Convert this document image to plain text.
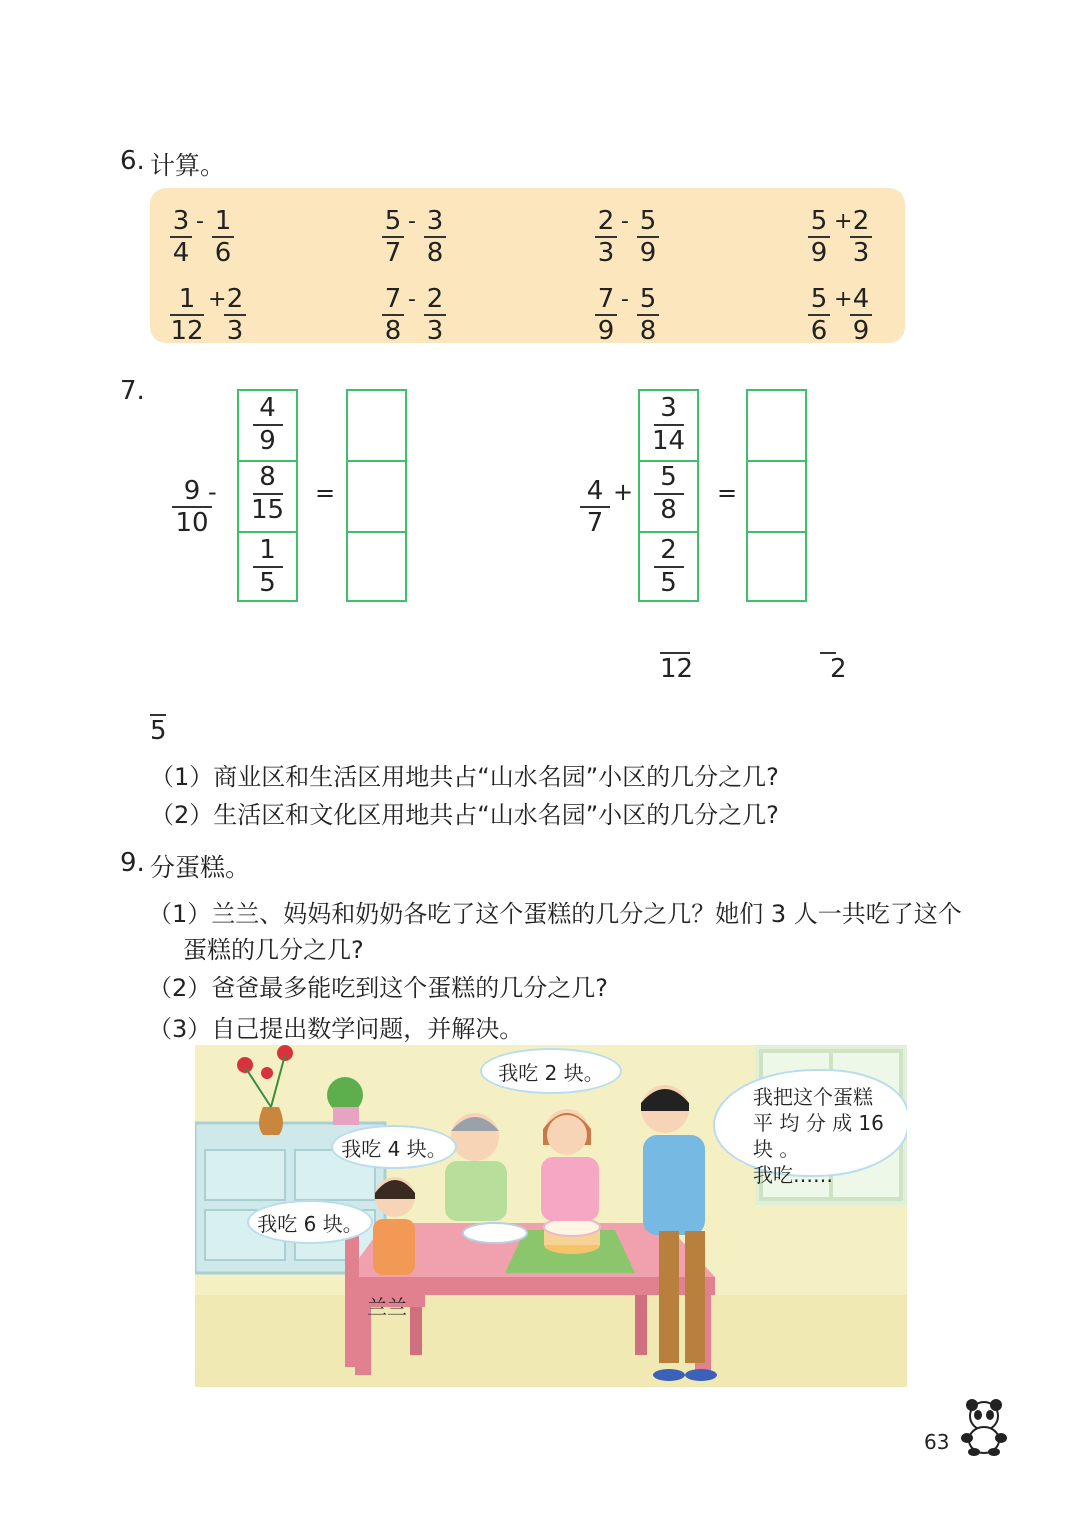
6. 计算。
3
4
- 1
6
5
7
- 3
8
2
3
- 5
9
5
9
+ 2
3
1
12
+ 2
3
7
8
- 2
3
7
9
- 5
8
5
6
+ 4
9
7.
9
10
-
4
9
8
15
1
5
=	4
7
+
3
14
5
8
2
5
=
12	2
5
（1）商业区和生活区用地共占“山水名园”小区的几分之几?
（2）生活区和文化区用地共占“山水名园”小区的几分之几?
9. 分蛋糕。
（1）兰兰、妈妈和奶奶各吃了这个蛋糕的几分之几？她们 3 人一共吃了这个
蛋糕的几分之几?
（2）爸爸最多能吃到这个蛋糕的几分之几?
（3）自己提出数学问题，并解决。
我吃 2 块。
我吃 4 块。
我吃 6 块。
我把这个蛋糕
平 均 分 成 16 块 。
我吃……
兰兰
63
